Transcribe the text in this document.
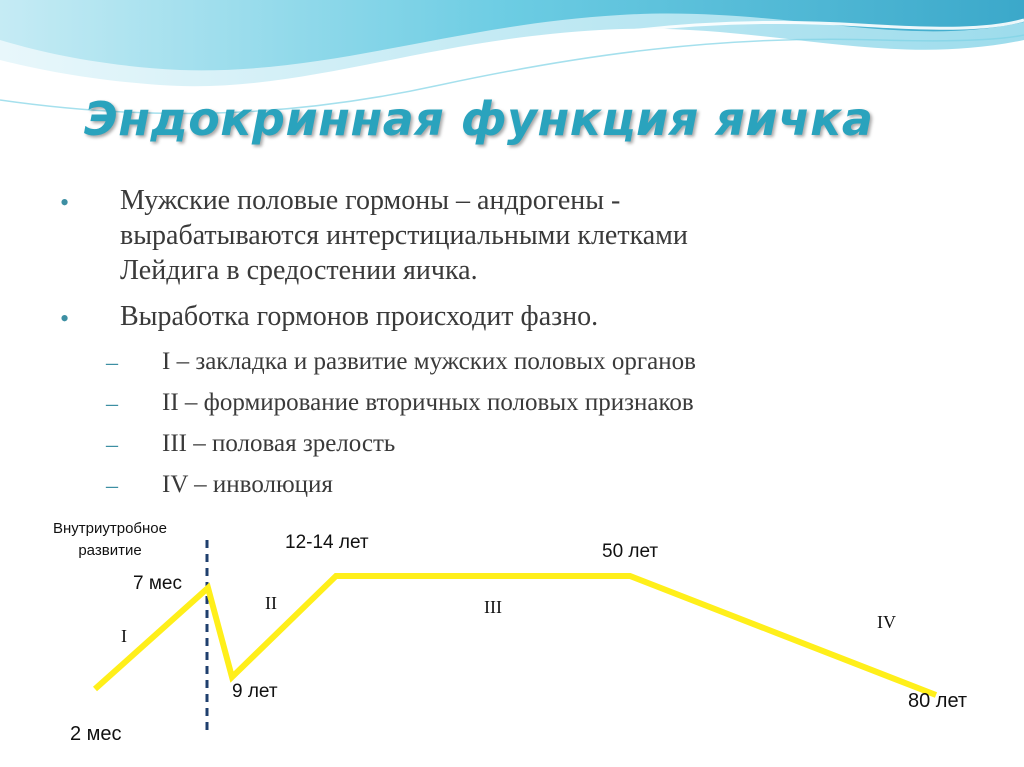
Эндокринная функция яичка
• Мужские половые гормоны – андрогены -
вырабатываются интерстициальными клетками
Лейдига в средостении яичка.
• Выработка гормонов происходит фазно.
– I – закладка и развитие мужских половых органов
– II – формирование вторичных половых признаков
– III – половая зрелость
– IV – инволюция
Внутриутробное развитие
2 мес
7 мес
9 лет
12-14 лет	50 лет
80 лет
I
II	III
IV
